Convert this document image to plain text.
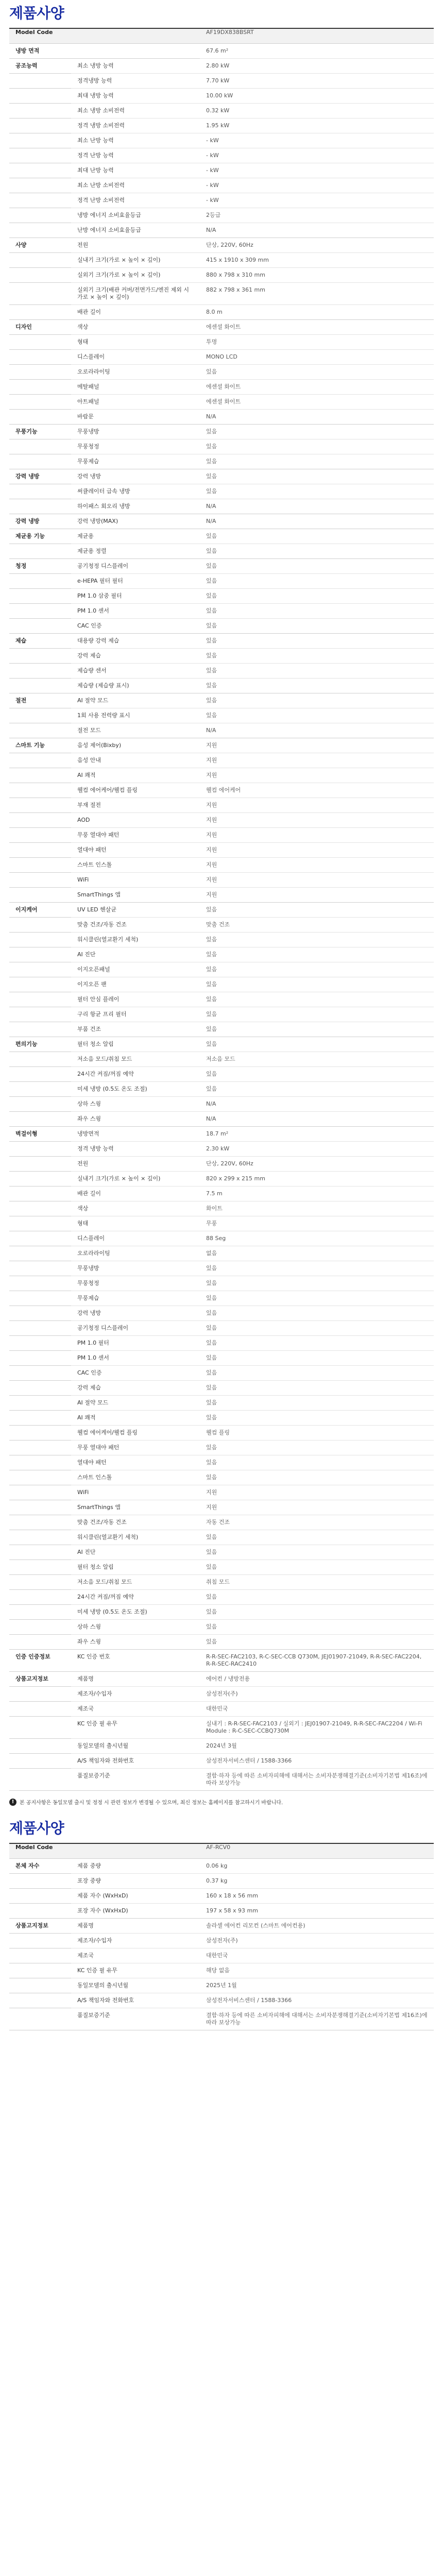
제품사양
Model Code		AF19DX838BSRT
냉방 면적		67.6 m²
공조능력	최소 냉방 능력	2.80 kW
	정격냉방 능력	7.70 kW
	최대 냉방 능력	10.00 kW
	최소 냉방 소비전력	0.32 kW
	정격 냉방 소비전력	1.95 kW
	최소 난방 능력	- kW
	정격 난방 능력	- kW
	최대 난방 능력	- kW
	최소 난방 소비전력	- kW
	정격 난방 소비전력	- kW
	냉방 에너지 소비효율등급	2등급
	난방 에너지 소비효율등급	N/A
사양	전원	단상, 220V, 60Hz
	실내기 크기(가로 × 높이 × 깊이)	415 x 1910 x 309 mm
	실외기 크기(가로 × 높이 × 깊이)	880 x 798 x 310 mm
	실외기 크기(배관 커버/전면가드/엔진 제외 시 가로 × 높이 × 깊이)	882 x 798 x 361 mm
	배관 길이	8.0 m
디자인	색상	에센셜 화이트
	형태	투명
	디스플레이	MONO LCD
	오로라라이팅	있음
	메탈패널	에센셜 화이트
	아트패널	에센셜 화이트
	바람문	N/A
무풍기능	무풍냉방	있음
	무풍청정	있음
	무풍제습	있음
강력 냉방	강력 냉방	있음
	써큘레이터 급속 냉방	있음
	하이패스 회오리 냉방	N/A
강력 냉방	강력 냉방(MAX)	N/A
제균용 기능	제균용	있음
	제균용 정렬	있음
청정	공기청정 디스플레이	있음
	e-HEPA 필터 필터	있음
	PM 1.0 삼중 필터	있음
	PM 1.0 센서	있음
	CAC 인증	있음
제습	대용량 강력 제습	있음
	강력 제습	있음
	제습량 센서	있음
	제습량 (제습량 표시)	있음
절전	AI 절약 모드	있음
	1회 사용 전력량 표시	있음
	절전 모드	N/A
스마트 기능	음성 제어(Bixby)	지원
	음성 안내	지원
	AI 쾌적	지원
	웰컴 에어케어/웰컴 플링	웰컴 에어케어
	부재 절전	지원
	AOD	지원
	무풍 열대야 패턴	지원
	열대야 패턴	지원
	스마트 인스톨	지원
	WiFi	지원
	SmartThings 앱	지원
이지케어	UV LED 헨살균	있음
	맞춤 건조/자동 건조	맞춤 건조
	워시클린(열교환기 세척)	있음
	AI 진단	있음
	이지오픈패널	있음
	이지오픈 팬	있음
	필터 안심 플레이	있음
	구리 항균 프리 필터	있음
	부품 건조	있음
편의기능	필터 청소 알림	있음
	저소음 모드/취침 모드	저소음 모드
	24시간 켜짐/꺼짐 예약	있음
	미세 냉방 (0.5도 온도 조절)	있음
	상하 스윙	N/A
	좌우 스윙	N/A
벽걸이형	냉방면적	18.7 m²
	정격 냉방 능력	2.30 kW
	전원	단상, 220V, 60Hz
	실내기 크기(가로 × 높이 × 깊이)	820 x 299 x 215 mm
	배관 길이	7.5 m
	색상	화이트
	형태	무풍
	디스플레이	88 Seg
	오로라라이팅	없음
	무풍냉방	있음
	무풍청정	있음
	무풍제습	있음
	강력 냉방	있음
	공기청정 디스플레이	있음
	PM 1.0 필터	있음
	PM 1.0 센서	있음
	CAC 인증	있음
	강력 제습	있음
	AI 절약 모드	있음
	AI 쾌적	있음
	웰컴 에어케어/웰컴 플링	웰컴 플링
	무풍 열대야 패턴	있음
	열대야 패턴	있음
	스마트 인스톨	있음
	WiFi	지원
	SmartThings 앱	지원
	맞춤 건조/자동 건조	자동 건조
	워시클린(열교환기 세척)	있음
	AI 진단	있음
	필터 청소 알림	있음
	저소음 모드/취침 모드	취침 모드
	24시간 켜짐/꺼짐 예약	있음
	미세 냉방 (0.5도 온도 조절)	있음
	상하 스윙	있음
	좌우 스윙	있음
인증 인증정보	KC 인증 번호	R-R-SEC-FAC2103, R-C-SEC-CCB Q730M, JEJ01907-21049, R-R-SEC-FAC2204, R-R-SEC-RAC2410
상품고지정보	제품명	에어컨 / 냉방전용
	제조자/수입자	삼성전자(주)
	제조국	대한민국
	KC 인증 필 유무	실내기 : R-R-SEC-FAC2103 / 실외기 : JEJ01907-21049, R-R-SEC-FAC2204 / Wi-Fi Module : R-C-SEC-CCBQ730M
	동일모델의 출시년월	2024년 3월
	A/S 책임자와 전화번호	삼성전자서비스센터 / 1588-3366
	품질보증기준	결함·하자 등에 따른 소비자피해에 대해서는 소비자분쟁해결기준(소비자기본법 제16조)에 따라 보상가능
!	본 공지사항은 동일모델 출시 및 정정 시 관련 정보가 변경될 수 있으며, 최신 정보는 홈페이지를 참고하시기 바랍니다.
제품사양
Model Code		AF-RCV0
본체 자수	제품 중량	0.06 kg
	포장 중량	0.37 kg
	제품 자수 (WxHxD)	160 x 18 x 56 mm
	포장 자수 (WxHxD)	197 x 58 x 93 mm
상품고지정보	제품명	솔라셀 에어컨 리모컨 (스마트 에어컨용)
	제조자/수입자	삼성전자(주)
	제조국	대한민국
	KC 인증 필 유무	해당 없음
	동일모델의 출시년월	2025년 1월
	A/S 책임자와 전화번호	삼성전자서비스센터 / 1588-3366
	품질보증기준	결함·하자 등에 따른 소비자피해에 대해서는 소비자분쟁해결기준(소비자기본법 제16조)에 따라 보상가능
